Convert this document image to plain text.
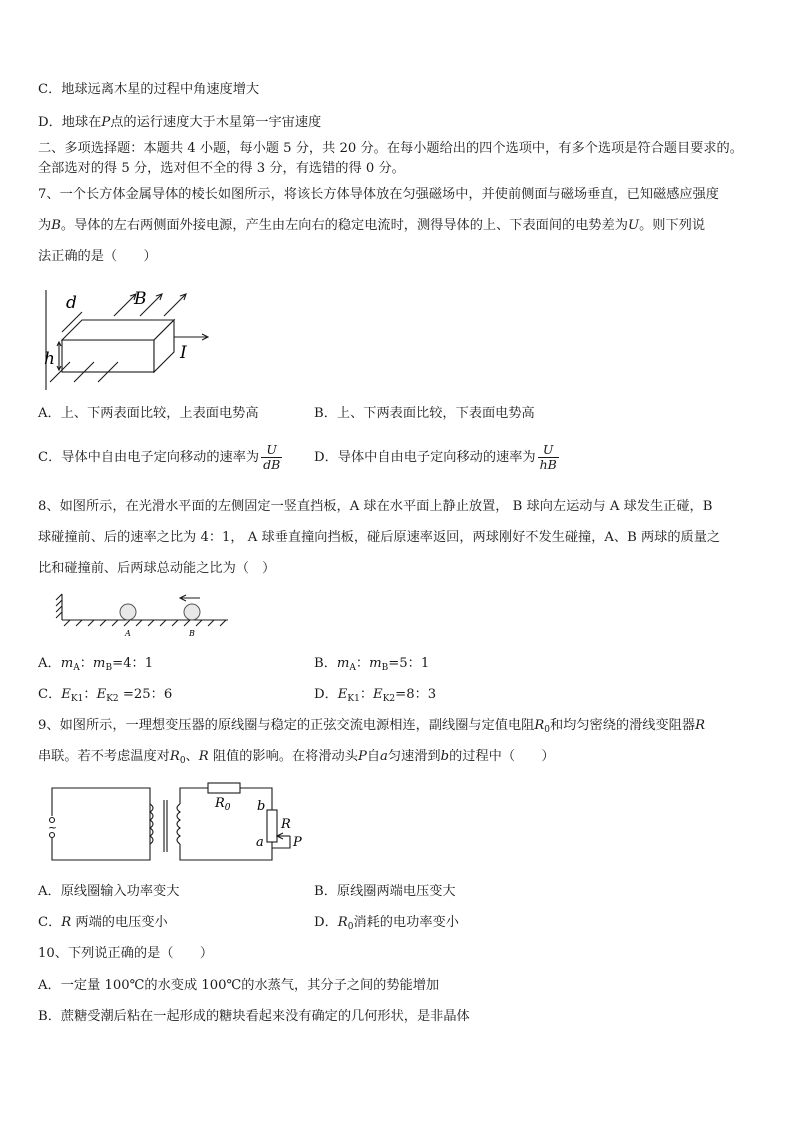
C．地球远离木星的过程中角速度增大
D．地球在P点的运行速度大于木星第一宇宙速度
二、多项选择题：本题共 4 小题，每小题 5 分，共 20 分。在每小题给出的四个选项中，有多个选项是符合题目要求的。
全部选对的得 5 分，选对但不全的得 3 分，有选错的得 0 分。
7、一个长方体金属导体的棱长如图所示，将该长方体导体放在匀强磁场中，并使前侧面与磁场垂直，已知磁感应强度
为B。导体的左右两侧面外接电源，产生由左向右的稳定电流时，测得导体的上、下表面间的电势差为U。则下列说
法正确的是（　　）
d	B
h	I
A．上、下两表面比较，上表面电势高	B．上、下两表面比较，下表面电势高
C．导体中自由电子定向移动的速率为 $\frac{U}{dB}$ D．导体中自由电子定向移动的速率为 $\frac{U}{hB}$
8、如图所示，在光滑水平面的左侧固定一竖直挡板，A 球在水平面上静止放置， B 球向左运动与 A 球发生正碰，B
球碰撞前、后的速率之比为 4：1， A 球垂直撞向挡板，碰后原速率返回，两球刚好不发生碰撞，A、B 两球的质量之
比和碰撞前、后两球总动能之比为（　）
A	B
A．$m_A$：$m_B=4$：1	B．$m_A$：$m_B=5$：1
C．$E_{K1}$：$E_{K2} =25$：6	D．$E_{K1}$：$E_{K2}=8$：3
9、如图所示，一理想变压器的原线圈与稳定的正弦交流电源相连，副线圈与定值电阻$R_0$和均匀密绕的滑线变阻器R
串联。若不考虑温度对$R_0$、R 阻值的影响。在将滑动头P自a匀速滑到b的过程中（　　）
~
$R_0$ b
R
P
a
A．原线圈输入功率变大	B．原线圈两端电压变大
C．R 两端的电压变小	D．$R_0$消耗的电功率变小
10、下列说正确的是（　　）
A．一定量 100℃的水变成 100℃的水蒸气，其分子之间的势能增加
B．蔗糖受潮后粘在一起形成的糖块看起来没有确定的几何形状，是非晶体
